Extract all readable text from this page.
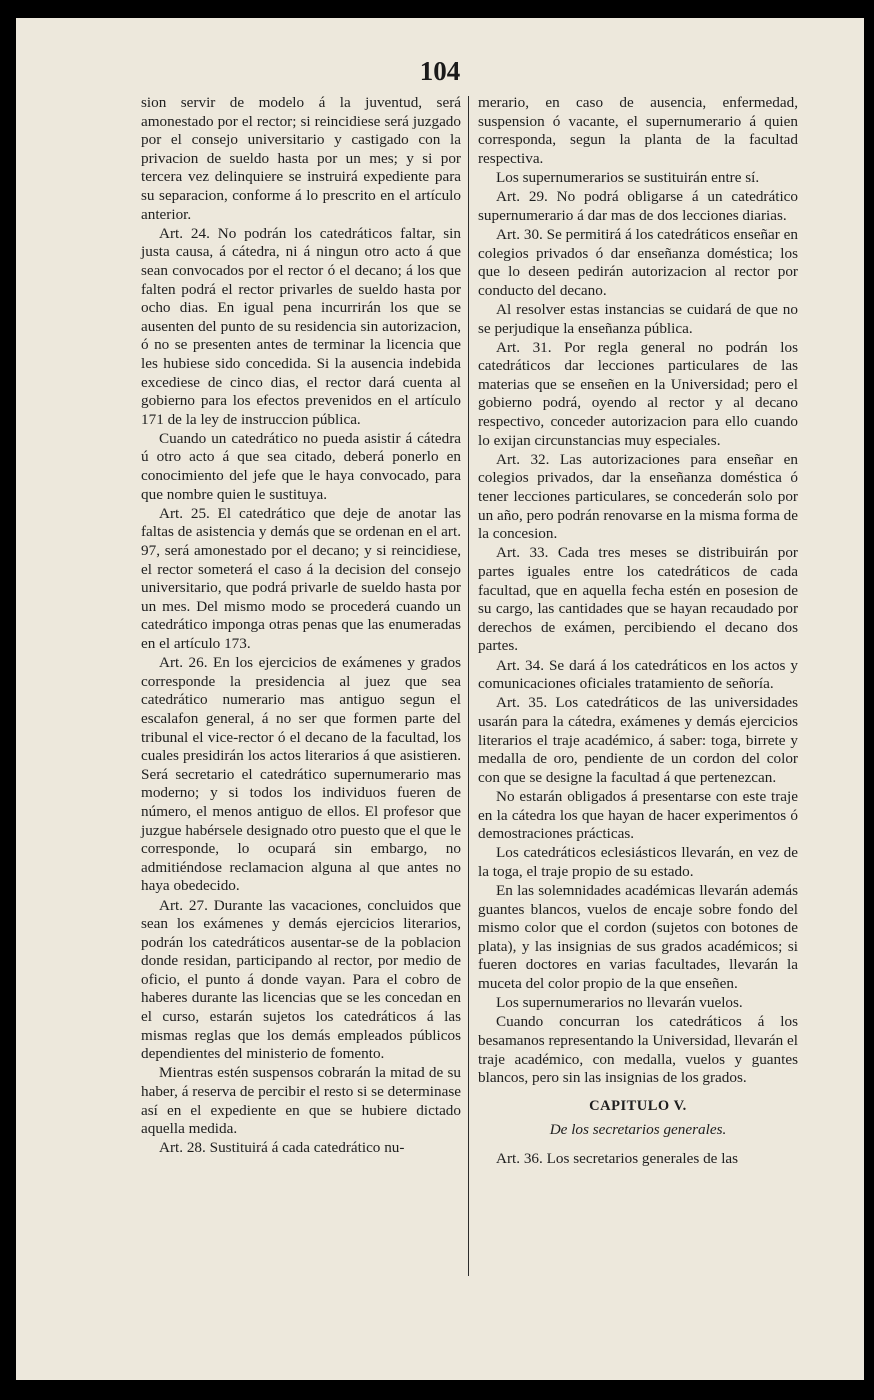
104

sion servir de modelo á la juventud, será amonestado por el rector; si reincidiese será juzgado por el consejo universitario y castigado con la privacion de sueldo hasta por un mes; y si por tercera vez delinquiere se instruirá expediente para su separacion, conforme á lo prescrito en el artículo anterior.

Art. 24. No podrán los catedráticos faltar, sin justa causa, á cátedra, ni á ningun otro acto á que sean convocados por el rector ó el decano; á los que falten podrá el rector privarles de sueldo hasta por ocho dias. En igual pena incurrirán los que se ausenten del punto de su residencia sin autorizacion, ó no se presenten antes de terminar la licencia que les hubiese sido concedida. Si la ausencia indebida excediese de cinco dias, el rector dará cuenta al gobierno para los efectos prevenidos en el artículo 171 de la ley de instruccion pública.

Cuando un catedrático no pueda asistir á cátedra ú otro acto á que sea citado, deberá ponerlo en conocimiento del jefe que le haya convocado, para que nombre quien le sustituya.

Art. 25. El catedrático que deje de anotar las faltas de asistencia y demás que se ordenan en el art. 97, será amonestado por el decano; y si reincidiese, el rector someterá el caso á la decision del consejo universitario, que podrá privarle de sueldo hasta por un mes. Del mismo modo se procederá cuando un catedrático imponga otras penas que las enumeradas en el artículo 173.

Art. 26. En los ejercicios de exámenes y grados corresponde la presidencia al juez que sea catedrático numerario mas antiguo segun el escalafon general, á no ser que formen parte del tribunal el vice-rector ó el decano de la facultad, los cuales presidirán los actos literarios á que asistieren. Será secretario el catedrático supernumerario mas moderno; y si todos los individuos fueren de número, el menos antiguo de ellos. El profesor que juzgue habérsele designado otro puesto que el que le corresponde, lo ocupará sin embargo, no admitiéndose reclamacion alguna al que antes no haya obedecido.

Art. 27. Durante las vacaciones, concluidos que sean los exámenes y demás ejercicios literarios, podrán los catedráticos ausentar-se de la poblacion donde residan, participando al rector, por medio de oficio, el punto á donde vayan. Para el cobro de haberes durante las licencias que se les concedan en el curso, estarán sujetos los catedráticos á las mismas reglas que los demás empleados públicos dependientes del ministerio de fomento.

Mientras estén suspensos cobrarán la mitad de su haber, á reserva de percibir el resto si se determinase así en el expediente en que se hubiere dictado aquella medida.

Art. 28. Sustituirá á cada catedrático nu-

merario, en caso de ausencia, enfermedad, suspension ó vacante, el supernumerario á quien corresponda, segun la planta de la facultad respectiva.

Los supernumerarios se sustituirán entre sí.

Art. 29. No podrá obligarse á un catedrático supernumerario á dar mas de dos lecciones diarias.

Art. 30. Se permitirá á los catedráticos enseñar en colegios privados ó dar enseñanza doméstica; los que lo deseen pedirán autorizacion al rector por conducto del decano.

Al resolver estas instancias se cuidará de que no se perjudique la enseñanza pública.

Art. 31. Por regla general no podrán los catedráticos dar lecciones particulares de las materias que se enseñen en la Universidad; pero el gobierno podrá, oyendo al rector y al decano respectivo, conceder autorizacion para ello cuando lo exijan circunstancias muy especiales.

Art. 32. Las autorizaciones para enseñar en colegios privados, dar la enseñanza doméstica ó tener lecciones particulares, se concederán solo por un año, pero podrán renovarse en la misma forma de la concesion.

Art. 33. Cada tres meses se distribuirán por partes iguales entre los catedráticos de cada facultad, que en aquella fecha estén en posesion de su cargo, las cantidades que se hayan recaudado por derechos de exámen, percibiendo el decano dos partes.

Art. 34. Se dará á los catedráticos en los actos y comunicaciones oficiales tratamiento de señoría.

Art. 35. Los catedráticos de las universidades usarán para la cátedra, exámenes y demás ejercicios literarios el traje académico, á saber: toga, birrete y medalla de oro, pendiente de un cordon del color con que se designe la facultad á que pertenezcan.

No estarán obligados á presentarse con este traje en la cátedra los que hayan de hacer experimentos ó demostraciones prácticas.

Los catedráticos eclesiásticos llevarán, en vez de la toga, el traje propio de su estado.

En las solemnidades académicas llevarán además guantes blancos, vuelos de encaje sobre fondo del mismo color que el cordon (sujetos con botones de plata), y las insignias de sus grados académicos; si fueren doctores en varias facultades, llevarán la muceta del color propio de la que enseñen.

Los supernumerarios no llevarán vuelos.

Cuando concurran los catedráticos á los besamanos representando la Universidad, llevarán el traje académico, con medalla, vuelos y guantes blancos, pero sin las insignias de los grados.

CAPITULO V.

De los secretarios generales.

Art. 36. Los secretarios generales de las
